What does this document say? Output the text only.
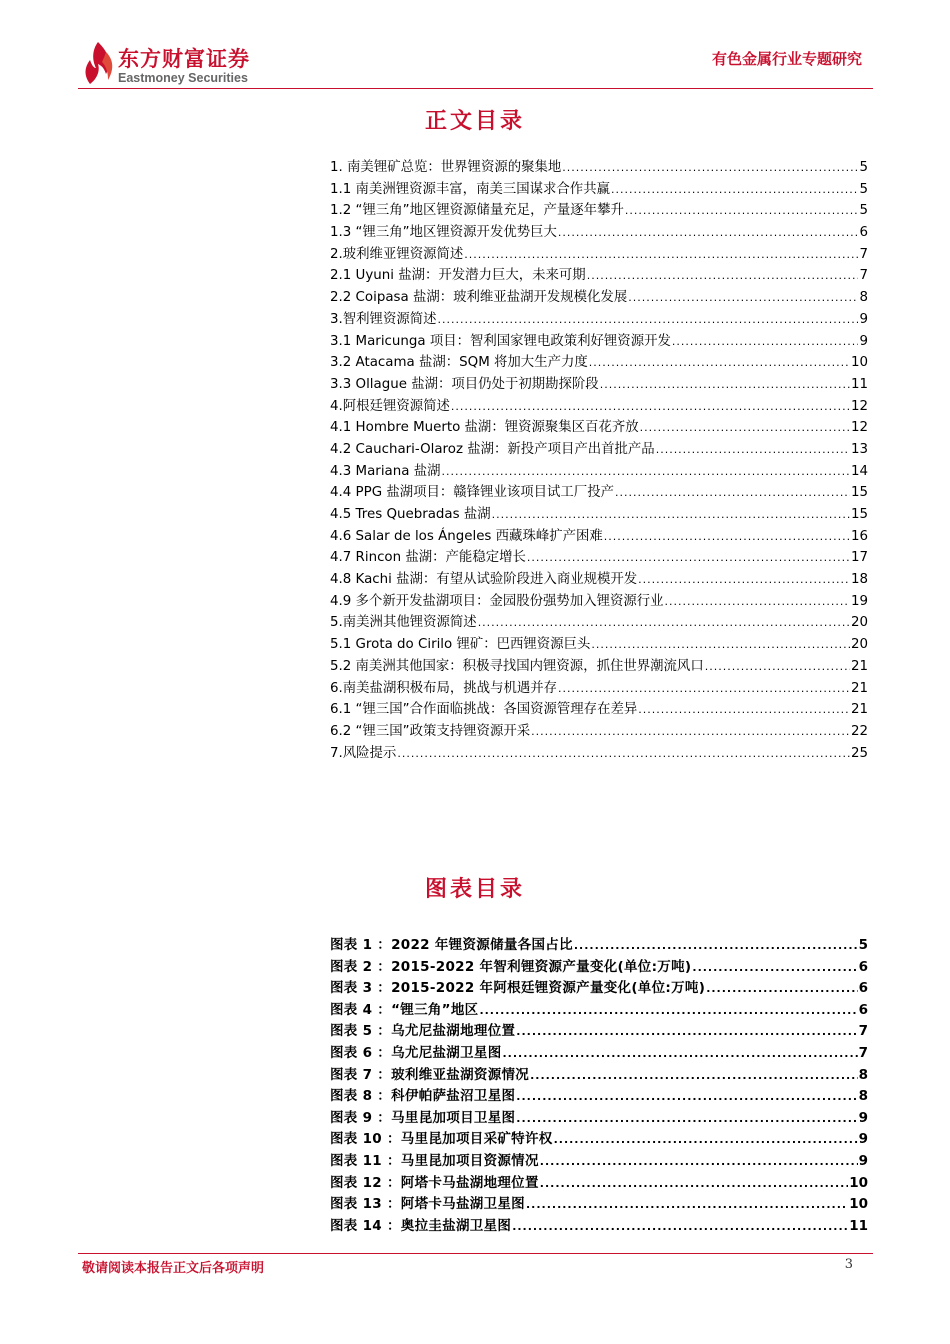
东方财富证券
Eastmoney Securities
有色金属行业专题研究
正文目录
1. 南美锂矿总览：世界锂资源的聚集地 .....	5
1.1 南美洲锂资源丰富，南美三国谋求合作共赢 .....	5
1.2 “锂三角”地区锂资源储量充足，产量逐年攀升 .....	5
1.3 “锂三角”地区锂资源开发优势巨大 .....	6
2.玻利维亚锂资源简述 .....	7
2.1 Uyuni 盐湖：开发潜力巨大，未来可期 .....	7
2.2 Coipasa 盐湖：玻利维亚盐湖开发规模化发展 .....	8
3.智利锂资源简述 .....	9
3.1 Maricunga 项目：智利国家锂电政策利好锂资源开发 .....	9
3.2 Atacama 盐湖：SQM 将加大生产力度 .....	10
3.3 Ollague 盐湖：项目仍处于初期勘探阶段 .....	11
4.阿根廷锂资源简述 .....	12
4.1 Hombre Muerto 盐湖：锂资源聚集区百花齐放 .....	12
4.2 Cauchari-Olaroz 盐湖：新投产项目产出首批产品 .....	13
4.3 Mariana 盐湖 .....	14
4.4 PPG 盐湖项目：赣锋锂业该项目试工厂投产 .....	15
4.5 Tres Quebradas 盐湖 .....	15
4.6 Salar de los Ángeles 西藏珠峰扩产困难 .....	16
4.7 Rincon 盐湖：产能稳定增长 .....	17
4.8 Kachi 盐湖：有望从试验阶段进入商业规模开发 .....	18
4.9 多个新开发盐湖项目：金园股份强势加入锂资源行业 .....	19
5.南美洲其他锂资源简述 .....	20
5.1 Grota do Cirilo 锂矿：巴西锂资源巨头 .....	20
5.2 南美洲其他国家：积极寻找国内锂资源，抓住世界潮流风口 .....	21
6.南美盐湖积极布局，挑战与机遇并存 .....	21
6.1 “锂三国”合作面临挑战：各国资源管理存在差异 .....	21
6.2 “锂三国”政策支持锂资源开采 .....	22
7.风险提示 .....	25
图表目录
图表 1 ：2022 年锂资源储量各国占比 .....	5
图表 2 ：2015-2022 年智利锂资源产量变化(单位:万吨) .....	6
图表 3 ：2015-2022 年阿根廷锂资源产量变化(单位:万吨) .....	6
图表 4 ：“锂三角”地区 .....	6
图表 5 ：乌尤尼盐湖地理位置 .....	7
图表 6 ：乌尤尼盐湖卫星图 .....	7
图表 7 ：玻利维亚盐湖资源情况 .....	8
图表 8 ：科伊帕萨盐沼卫星图 .....	8
图表 9 ：马里昆加项目卫星图 .....	9
图表 10 ：马里昆加项目采矿特许权 .....	9
图表 11 ：马里昆加项目资源情况 .....	9
图表 12 ：阿塔卡马盐湖地理位置 .....	10
图表 13 ：阿塔卡马盐湖卫星图 .....	10
图表 14 ：奥拉圭盐湖卫星图 .....	11
敬请阅读本报告正文后各项声明	3
